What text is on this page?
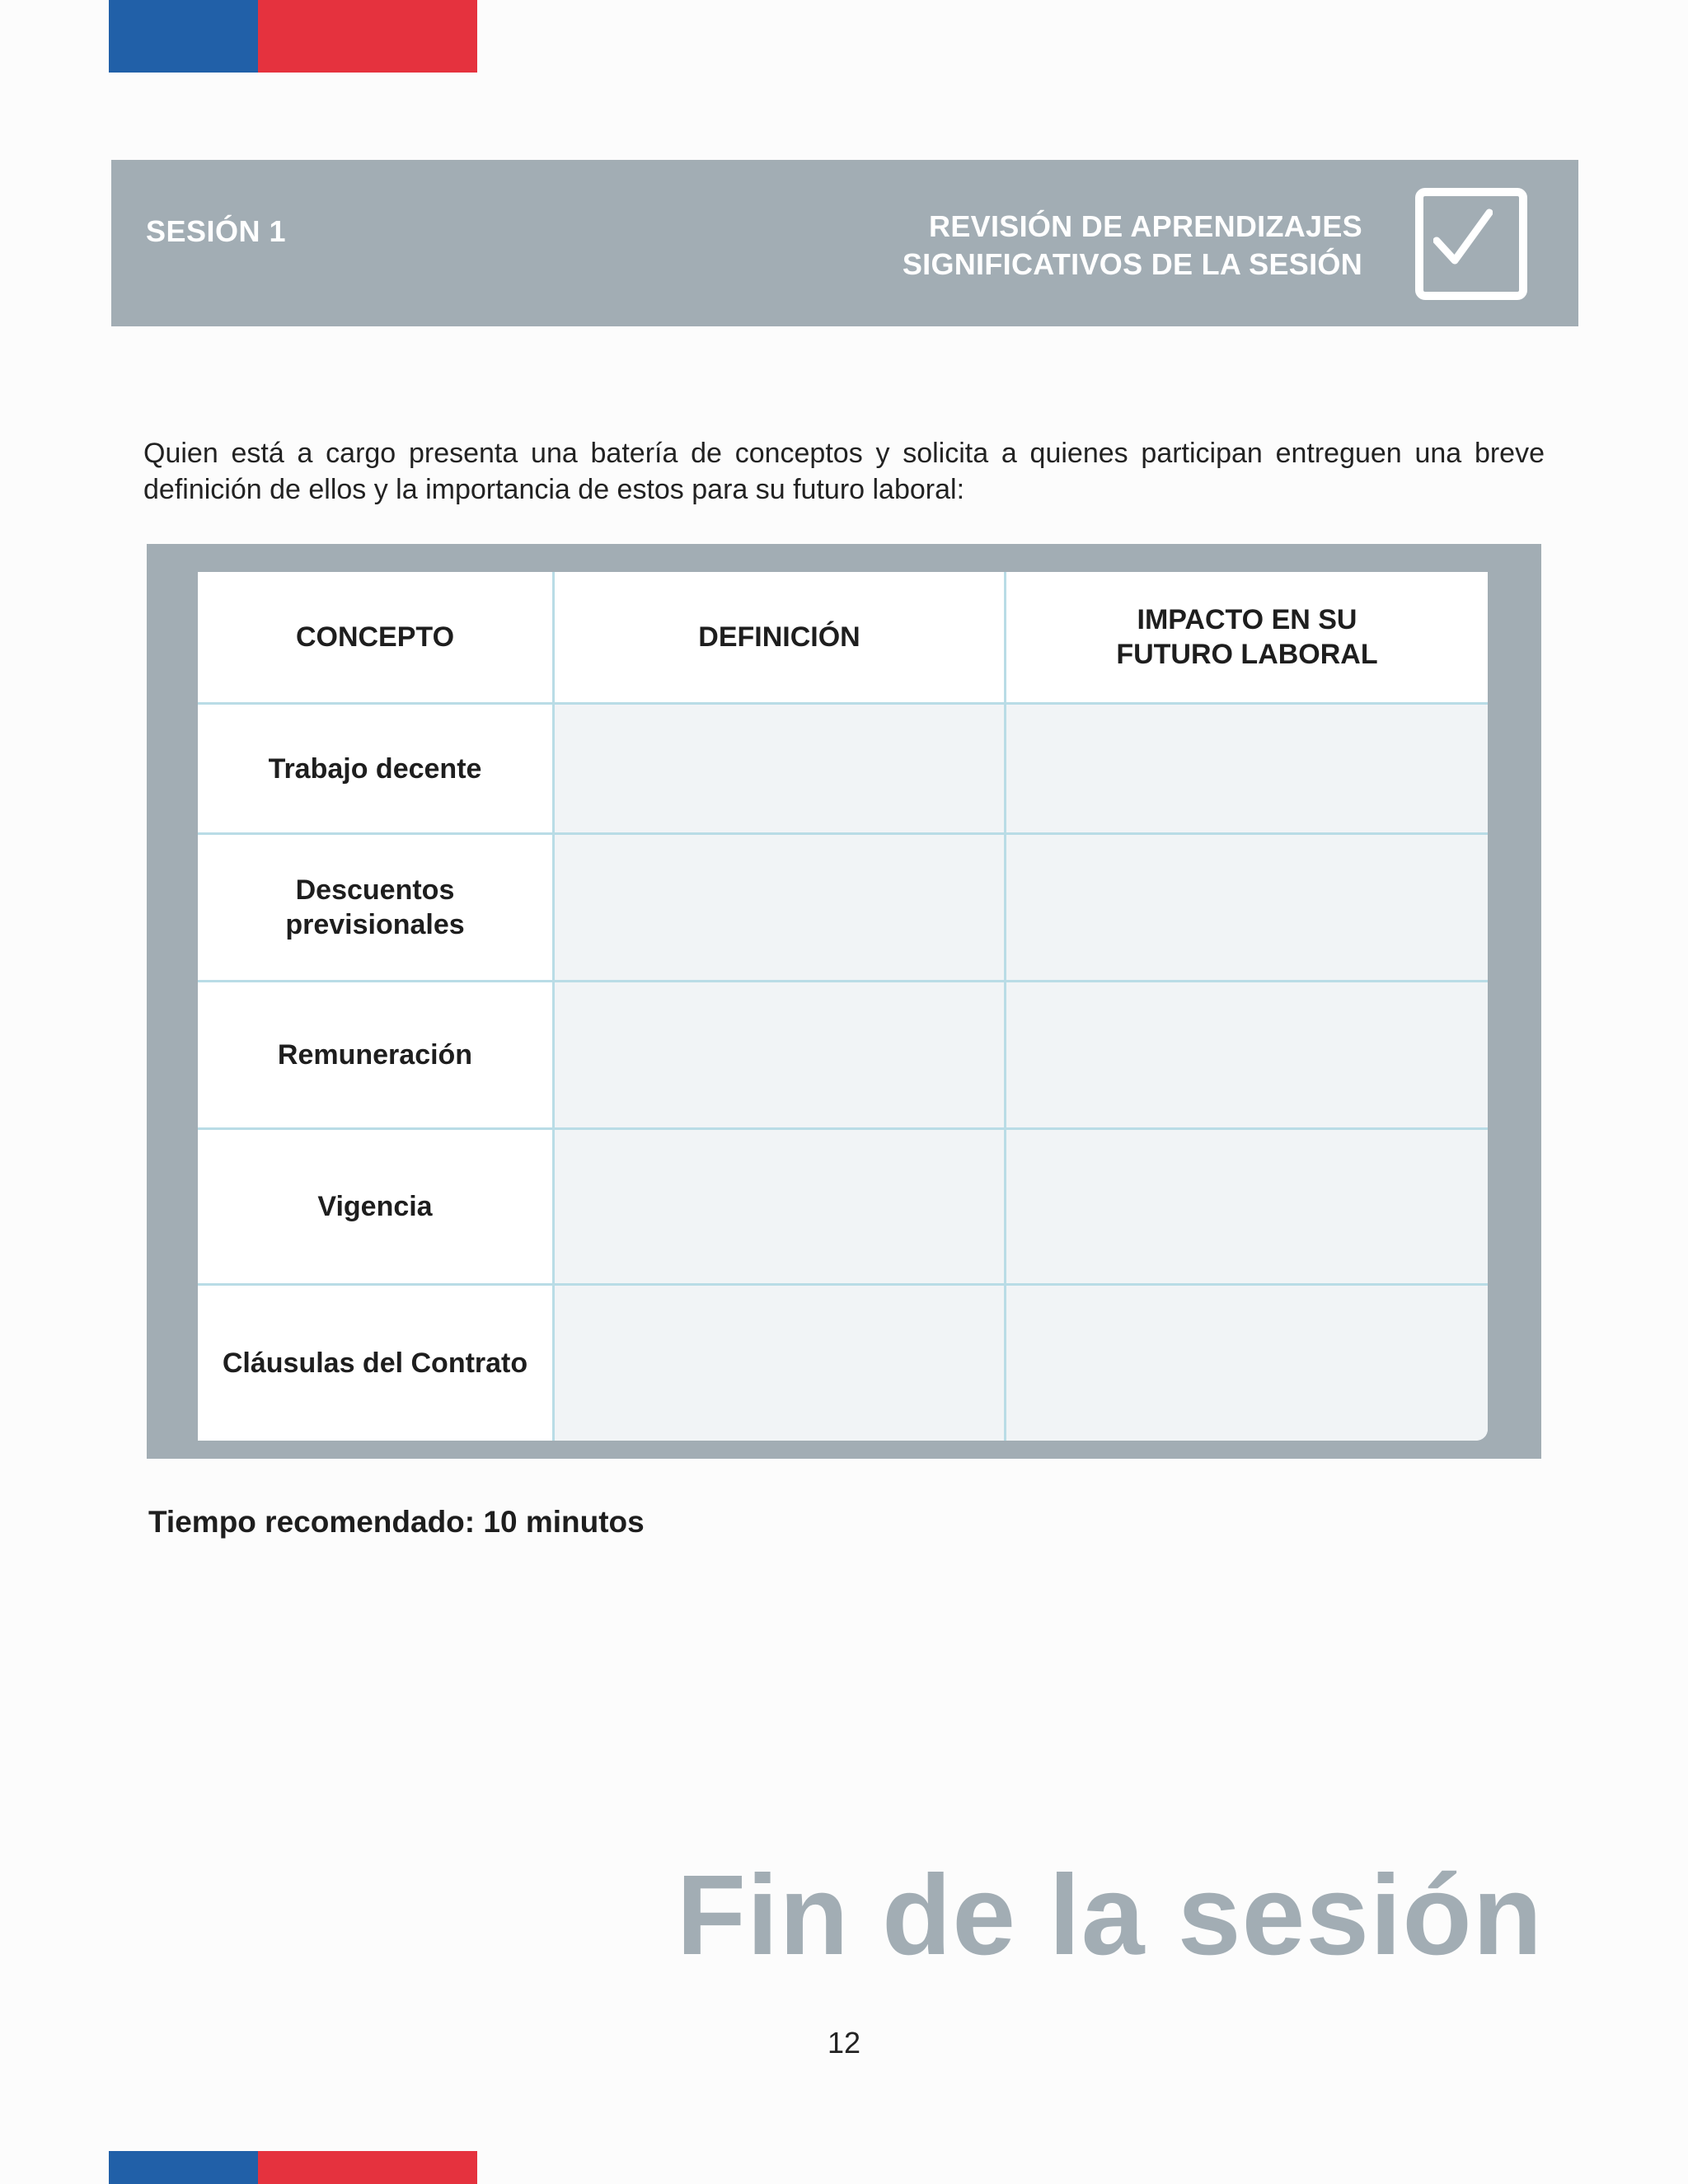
SESIÓN 1	REVISIÓN DE APRENDIZAJES
SIGNIFICATIVOS DE LA SESIÓN
Quien está a cargo presenta una batería de conceptos y solicita a quienes participan entreguen una breve definición de ellos y la importancia de estos para su futuro laboral:
CONCEPTO	DEFINICIÓN	IMPACTO EN SU
FUTURO LABORAL

Trabajo decente		

Descuentos
previsionales		

Remuneración		

Vigencia		

Cláusulas del Contrato		

Tiempo recomendado: 10 minutos
Fin de la sesión
12
